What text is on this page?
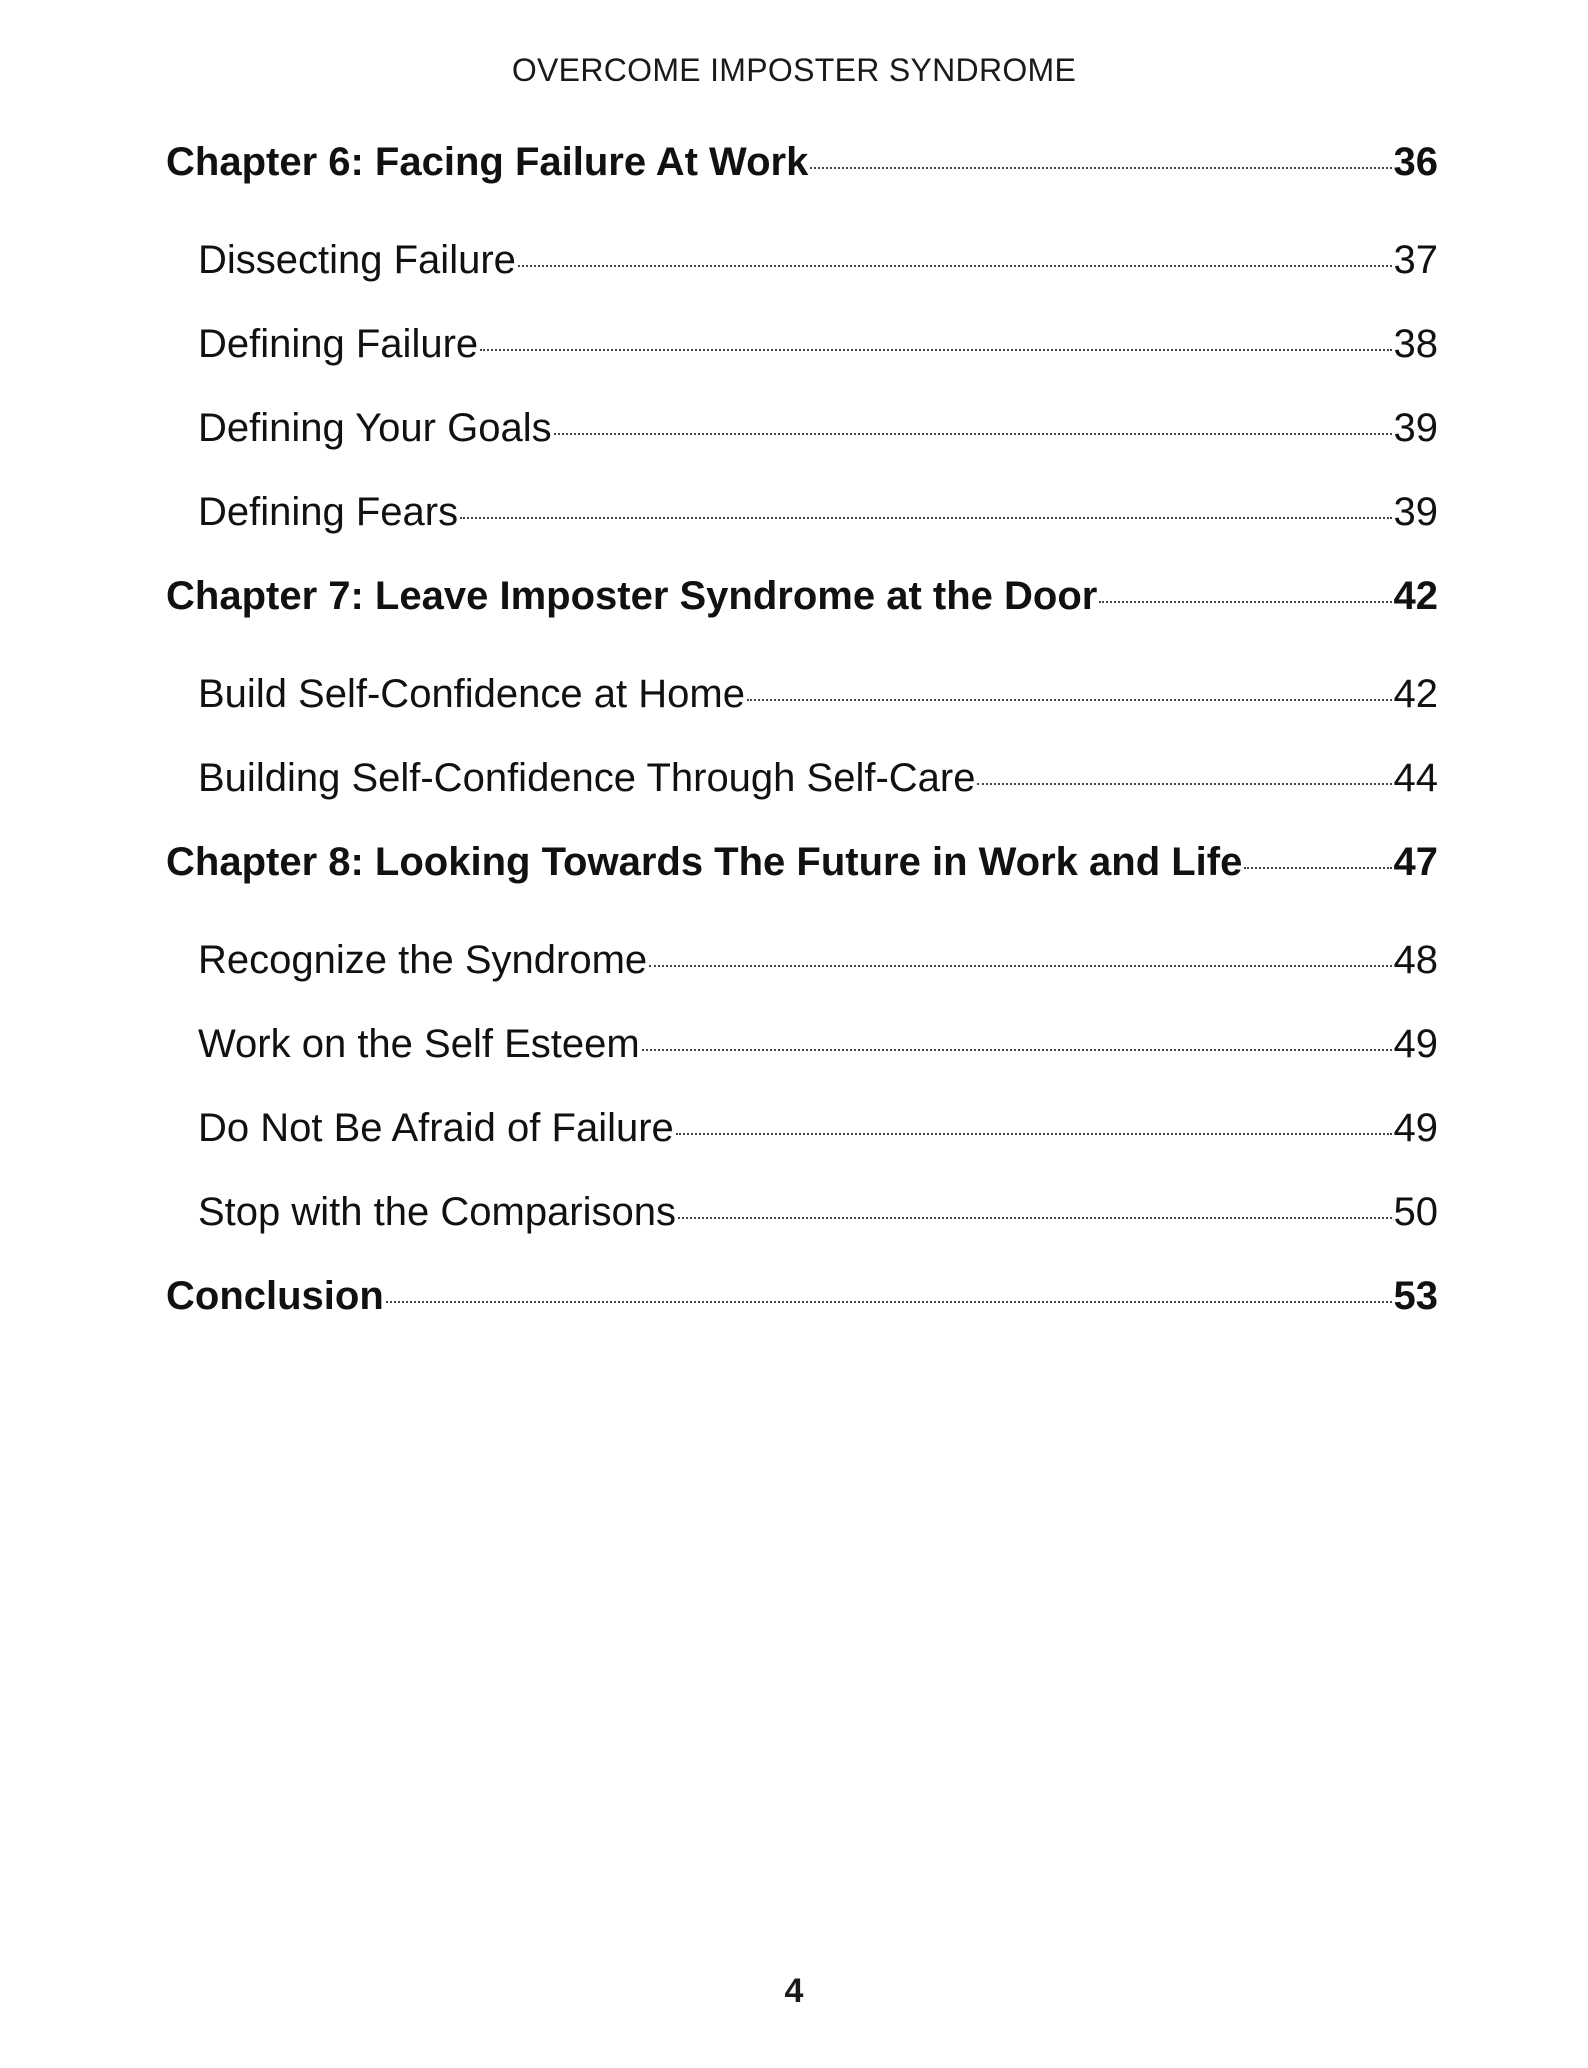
OVERCOME IMPOSTER SYNDROME
Chapter 6: Facing Failure At Work	36
Dissecting Failure	37
Defining Failure	38
Defining Your Goals	39
Defining Fears	39
Chapter 7: Leave Imposter Syndrome at the Door	42
Build Self-Confidence at Home	42
Building Self-Confidence Through Self-Care	44
Chapter 8: Looking Towards The Future in Work and Life	47
Recognize the Syndrome	48
Work on the Self Esteem	49
Do Not Be Afraid of Failure	49
Stop with the Comparisons	50
Conclusion	53
4
